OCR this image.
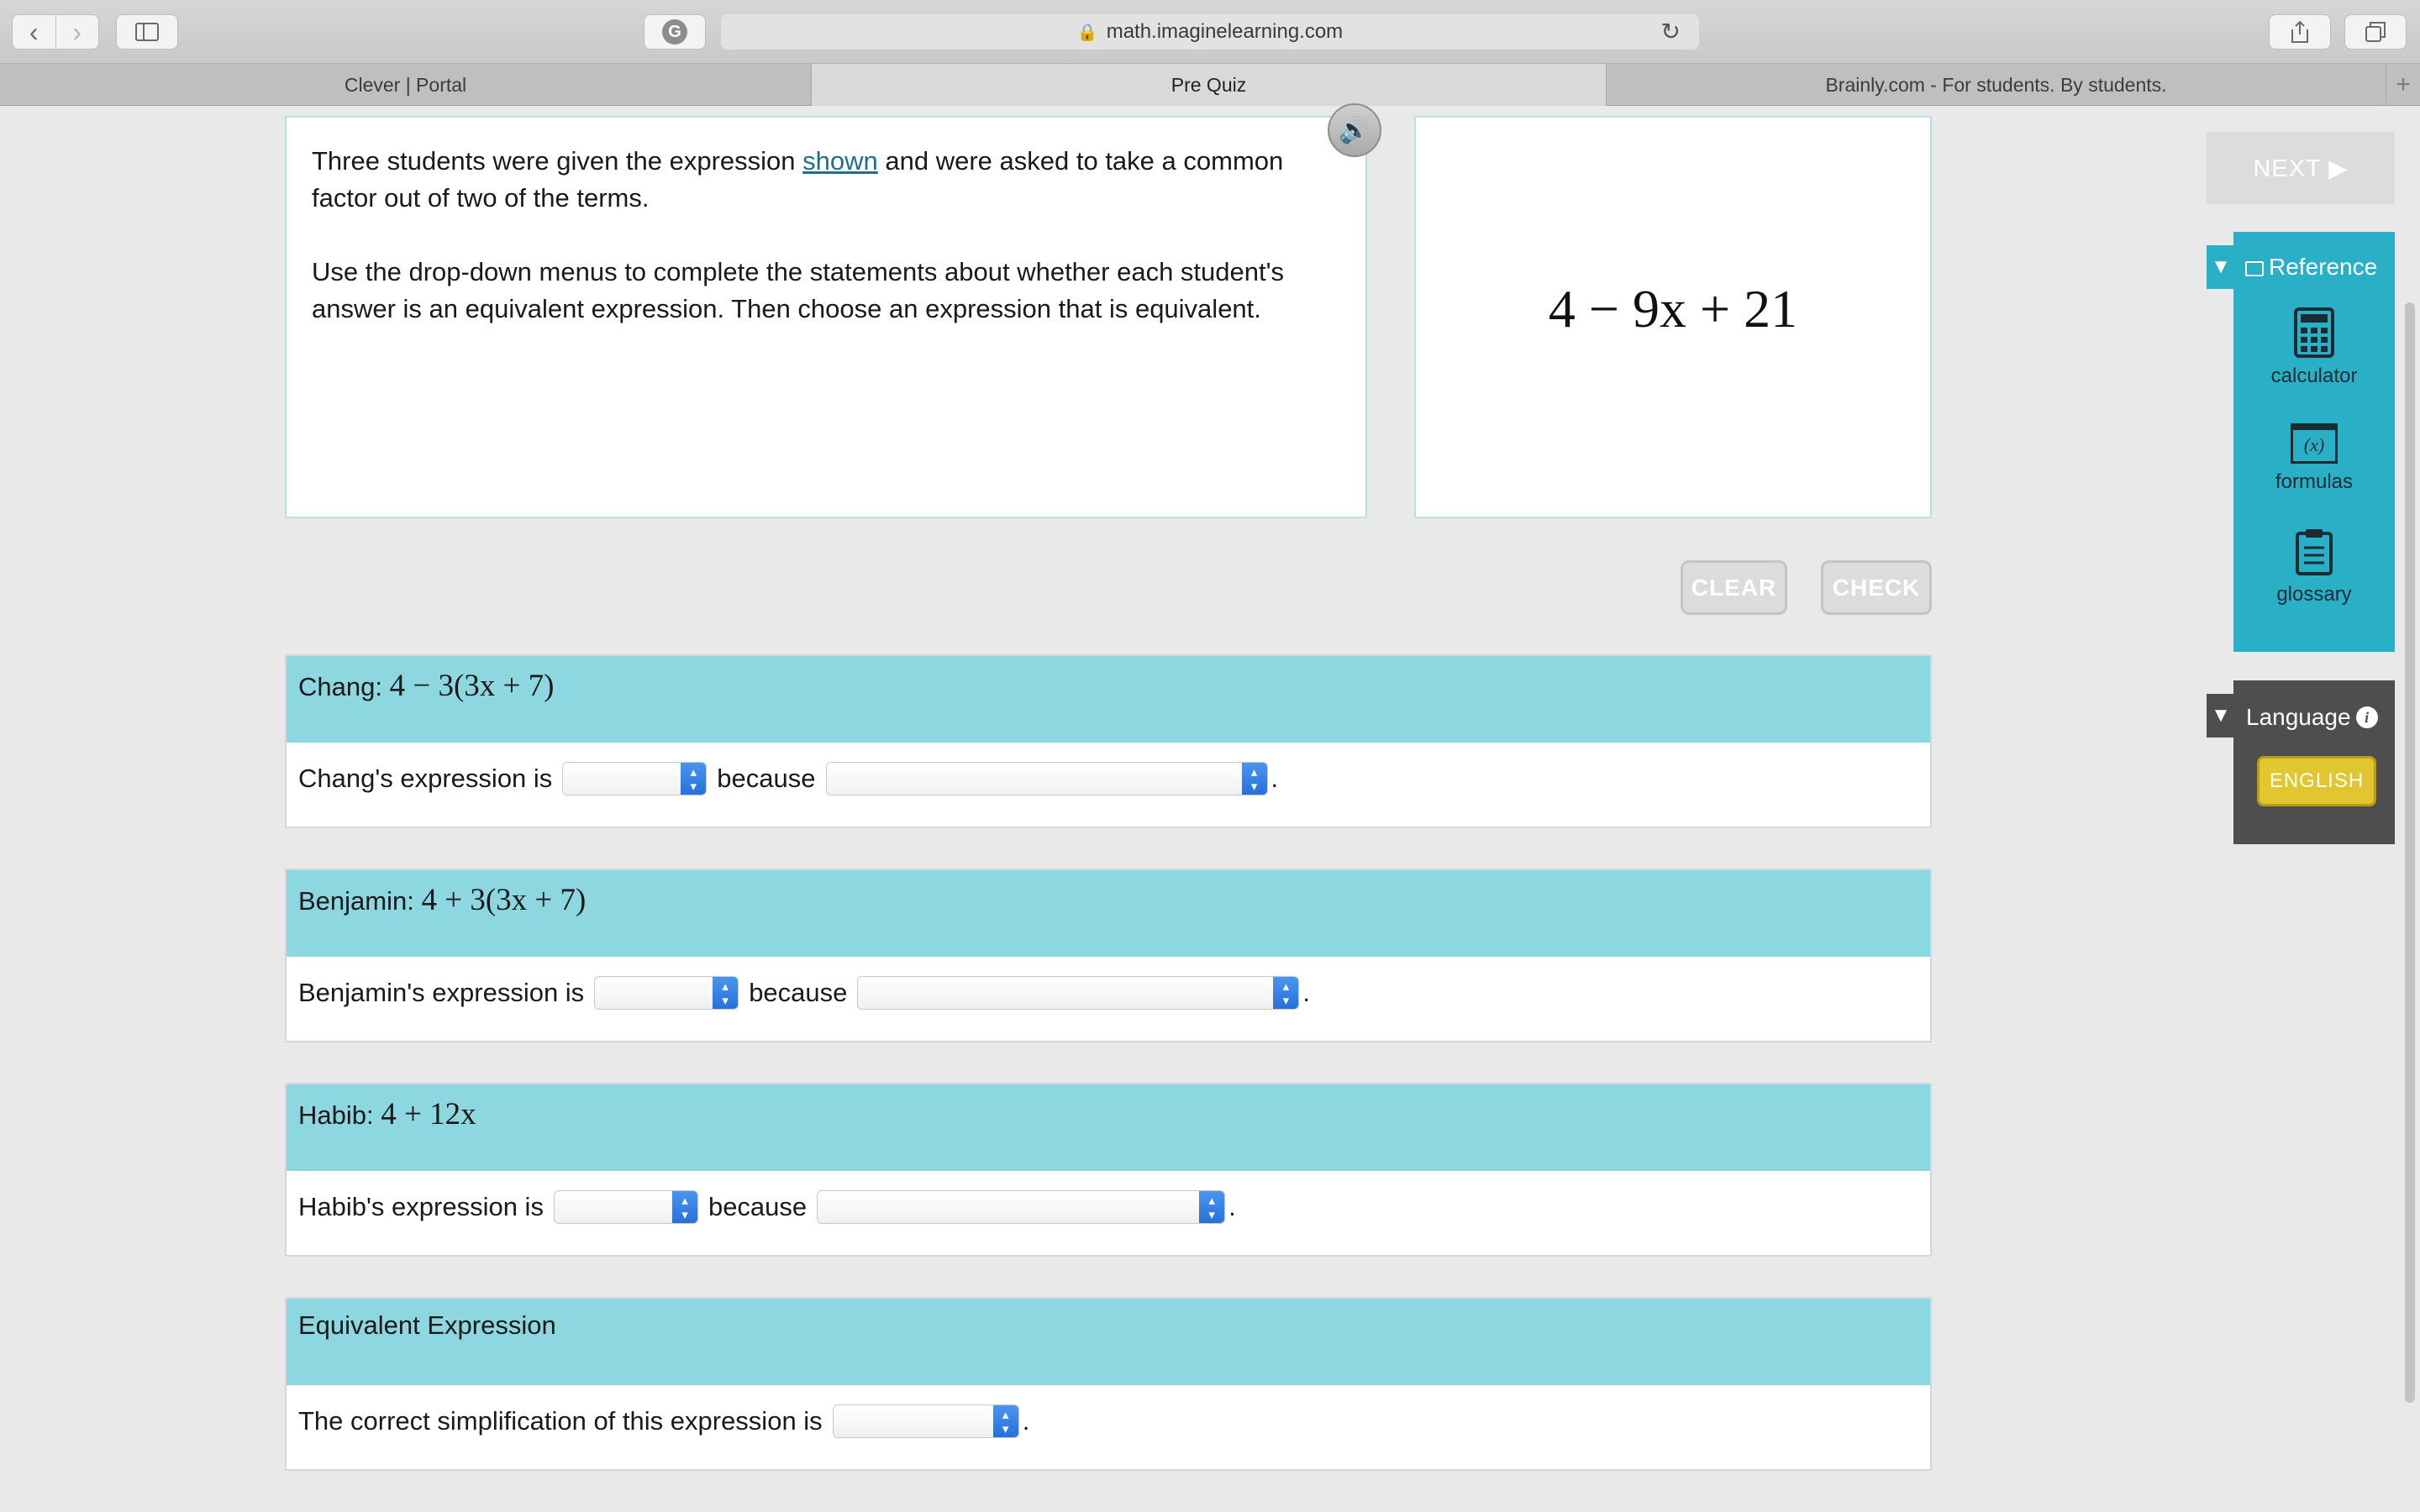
‹	›	G	🔒 math.imaginelearning.com	↻
Clever | Portal	Pre Quiz	Brainly.com - For students. By students.	+

Three students were given the expression shown and were asked to take a common factor out of two of the terms.

Use the drop-down menus to complete the statements about whether each student's answer is an equivalent expression. Then choose an expression that is equivalent.

🔊
4 − 9x + 21
CLEAR	CHECK
Chang: 4 − 3(3x + 7)
Chang's expression is	▴
▾ because	▴
▾ .
Benjamin: 4 + 3(3x + 7)
Benjamin's expression is	▴
▾ because	▴
▾ .
Habib: 4 + 12x
Habib's expression is	▴
▾ because	▴
▾ .
Equivalent Expression
The correct simplification of this expression is	▴
▾ .
NEXT ▶
▼	Reference
calculator
(x)
formulas
glossary
▼ Language i
ENGLISH
